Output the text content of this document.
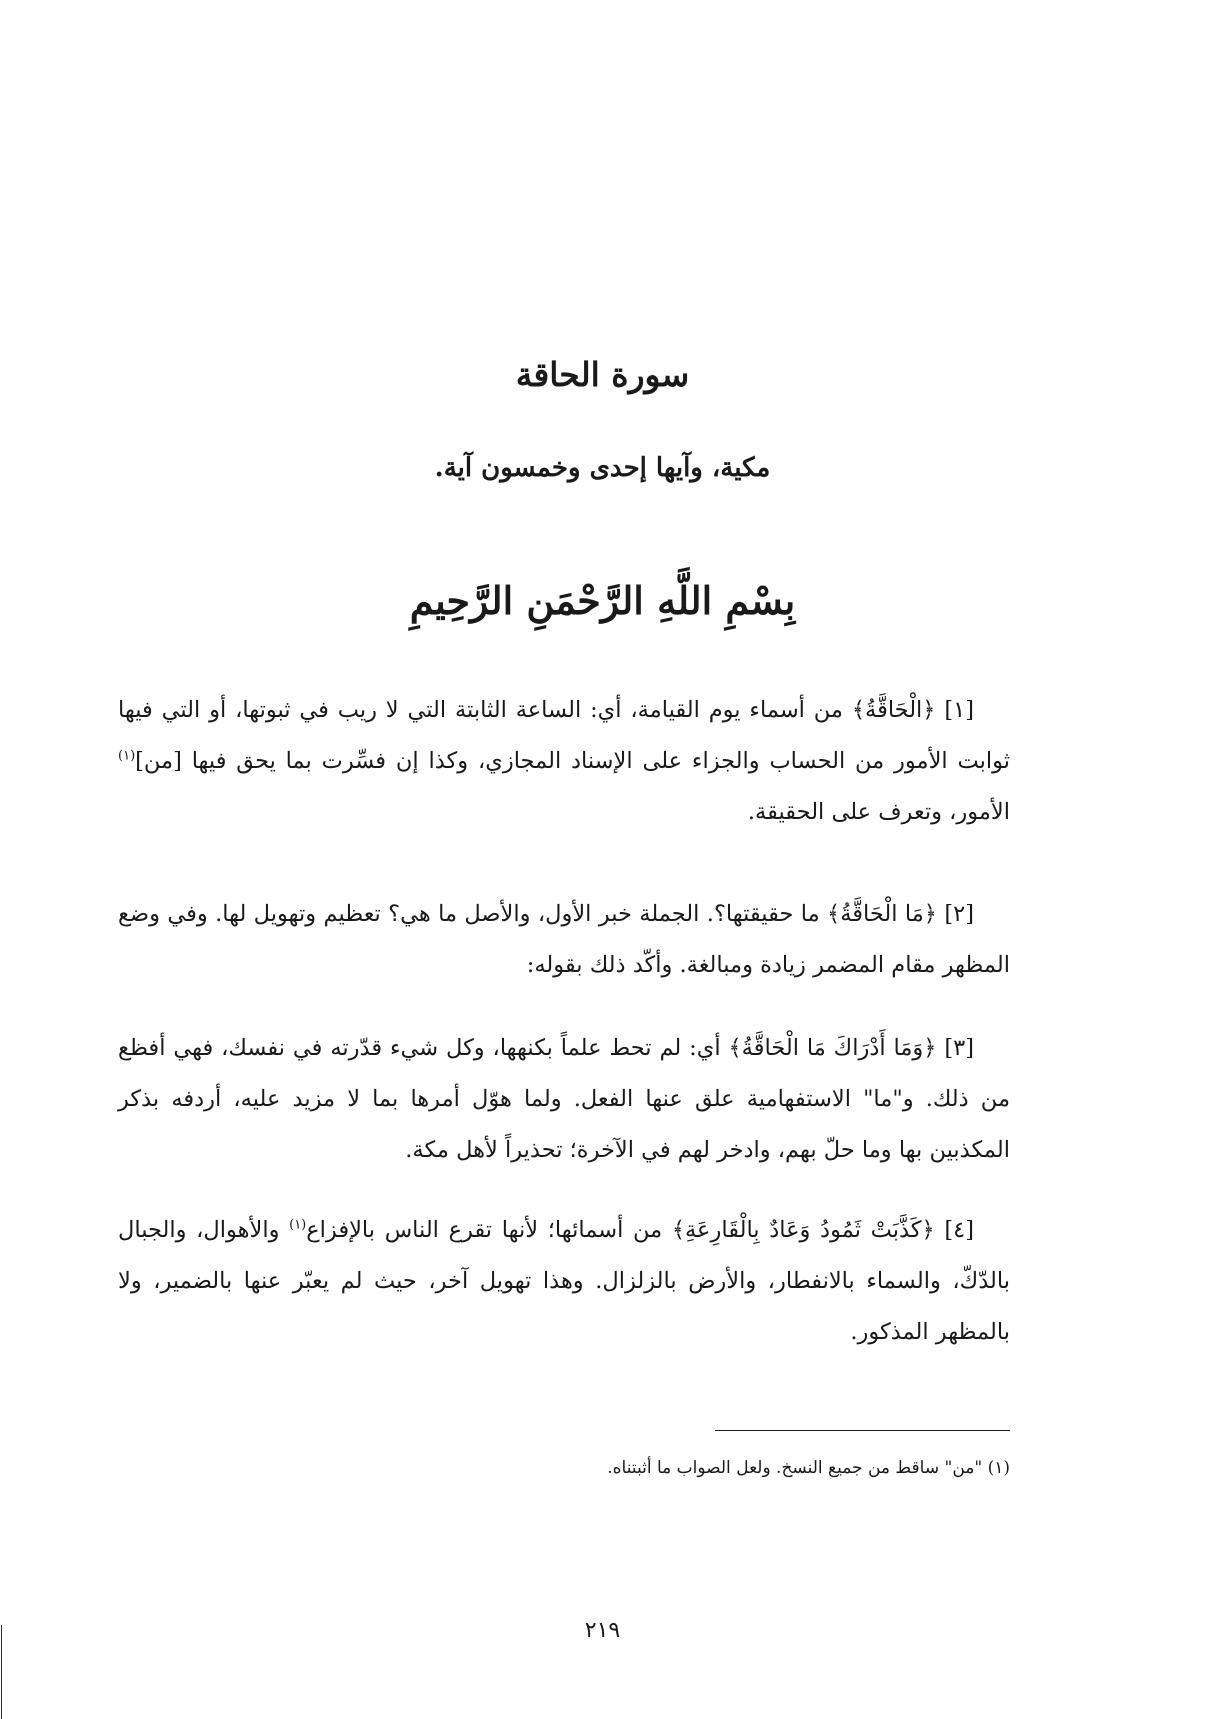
سورة الحاقة
مكية، وآيها إحدى وخمسون آية.
بِسْمِ اللَّهِ الرَّحْمَنِ الرَّحِيمِ

[١] ﴿الْحَاقَّةُ﴾ من أسماء يوم القيامة، أي: الساعة الثابتة التي لا ريب في ثبوتها، أو التي فيها ثوابت الأمور من الحساب والجزاء على الإسناد المجازي، وكذا إن فسِّرت بما يحق فيها [من]$^{(١)}$ الأمور، وتعرف على الحقيقة.

[٢] ﴿مَا الْحَاقَّةُ﴾ ما حقيقتها؟. الجملة خبر الأول، والأصل ما هي؟ تعظيم وتهويل لها. وفي وضع المظهر مقام المضمر زيادة ومبالغة. وأكّد ذلك بقوله:

[٣] ﴿وَمَا أَدْرَاكَ مَا الْحَاقَّةُ﴾ أي: لم تحط علماً بكنهها، وكل شيء قدّرته في نفسك، فهي أفظع من ذلك. و"ما" الاستفهامية علق عنها الفعل. ولما هوّل أمرها بما لا مزيد عليه، أردفه بذكر المكذبين بها وما حلّ بهم، وادخر لهم في الآخرة؛ تحذيراً لأهل مكة.

[٤] ﴿كَذَّبَتْ ثَمُودُ وَعَادٌ بِالْقَارِعَةِ﴾ من أسمائها؛ لأنها تقرع الناس بالإفزاع$^{(١)}$ والأهوال، والجبال بالدّكّ، والسماء بالانفطار، والأرض بالزلزال. وهذا تهويل آخر، حيث لم يعبّر عنها بالضمير، ولا بالمظهر المذكور.

(١) "من" ساقط من جميع النسخ. ولعل الصواب ما أثبتناه.
٢١٩
